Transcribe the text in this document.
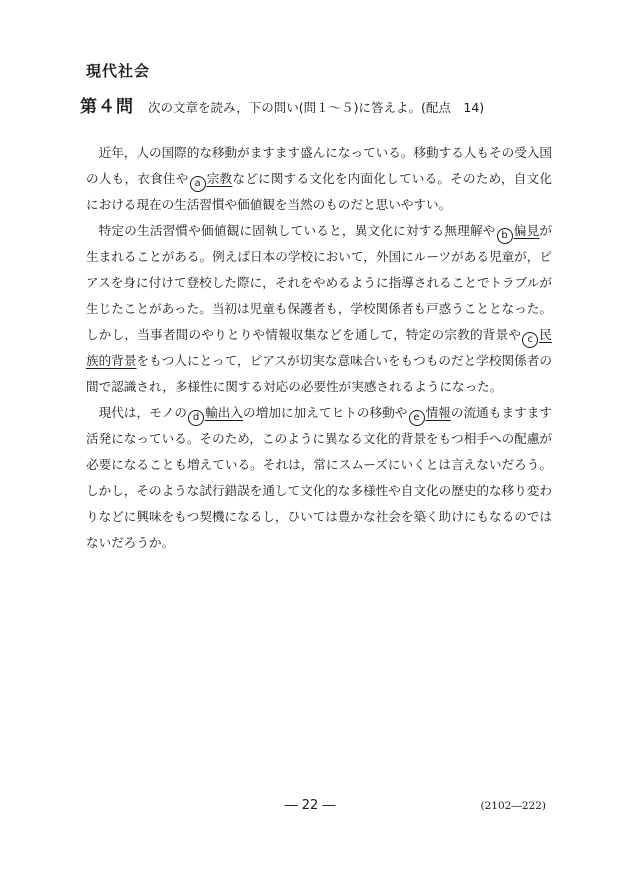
現代社会
第４問 次の文章を読み，下の問い(問１～５)に答えよ。(配点　14)

近年，人の国際的な移動がますます盛んになっている。移動する人もその受入国の人も，衣食住や a 宗教などに関する文化を内面化している。そのため，自文化における現在の生活習慣や価値観を当然のものだと思いやすい。

特定の生活習慣や価値観に固執していると，異文化に対する無理解や b 偏見が生まれることがある。例えば日本の学校において，外国にルーツがある児童が，ピアスを身に付けて登校した際に，それをやめるように指導されることでトラブルが生じたことがあった。当初は児童も保護者も，学校関係者も戸惑うこととなった。しかし，当事者間のやりとりや情報収集などを通して，特定の宗教的背景や c 民族的背景をもつ人にとって，ピアスが切実な意味合いをもつものだと学校関係者の間で認識され，多様性に関する対応の必要性が実感されるようになった。

現代は，モノの d 輸出入の増加に加えてヒトの移動や e 情報の流通もますます活発になっている。そのため，このように異なる文化的背景をもつ相手への配慮が必要になることも増えている。それは，常にスムーズにいくとは言えないだろう。しかし，そのような試行錯誤を通して文化的な多様性や自文化の歴史的な移り変わりなどに興味をもつ契機になるし，ひいては豊かな社会を築く助けにもなるのではないだろうか。

― 22 ―	(2102―222)
